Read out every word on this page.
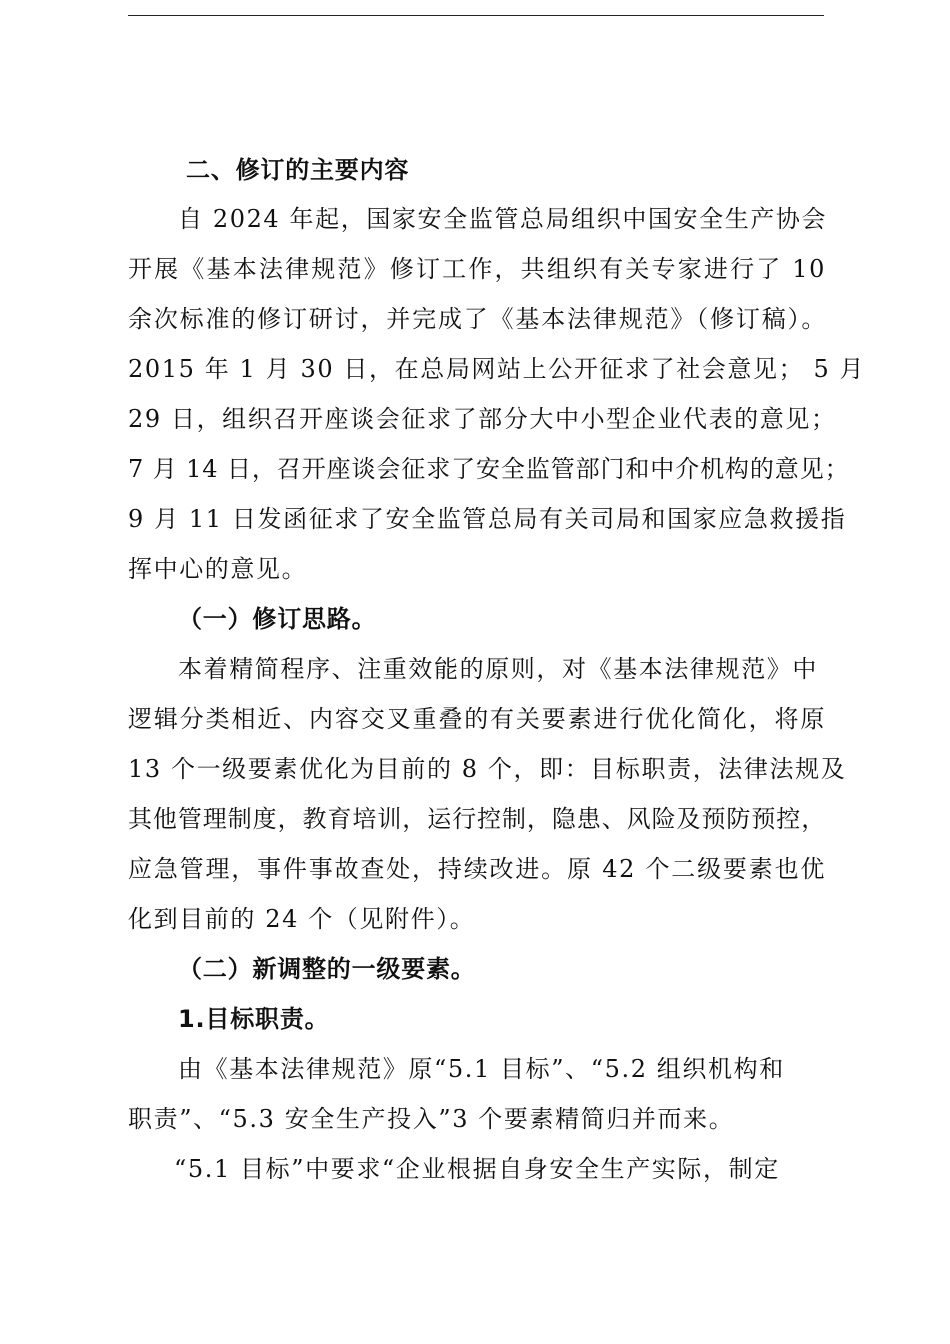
二、修订的主要内容
自 2024 年起，国家安全监管总局组织中国安全生产协会
开展《基本法律规范》修订工作，共组织有关专家进行了 10
余次标准的修订研讨，并完成了《基本法律规范》（修订稿）。
2015 年 1 月 30 日，在总局网站上公开征求了社会意见； 5 月
29 日，组织召开座谈会征求了部分大中小型企业代表的意见；
7 月 14 日，召开座谈会征求了安全监管部门和中介机构的意见；
9 月 11 日发函征求了安全监管总局有关司局和国家应急救援指
挥中心的意见。
（一）修订思路。
本着精简程序、注重效能的原则，对《基本法律规范》中
逻辑分类相近、内容交叉重叠的有关要素进行优化简化，将原
13 个一级要素优化为目前的 8 个，即：目标职责，法律法规及
其他管理制度，教育培训，运行控制，隐患、风险及预防预控，
应急管理，事件事故查处，持续改进。原 42 个二级要素也优
化到目前的 24 个（见附件）。
（二）新调整的一级要素。
1.目标职责。
由《基本法律规范》原“5.1 目标”、“5.2 组织机构和
职责”、“5.3 安全生产投入”3 个要素精简归并而来。
“5.1 目标”中要求“企业根据自身安全生产实际，制定
